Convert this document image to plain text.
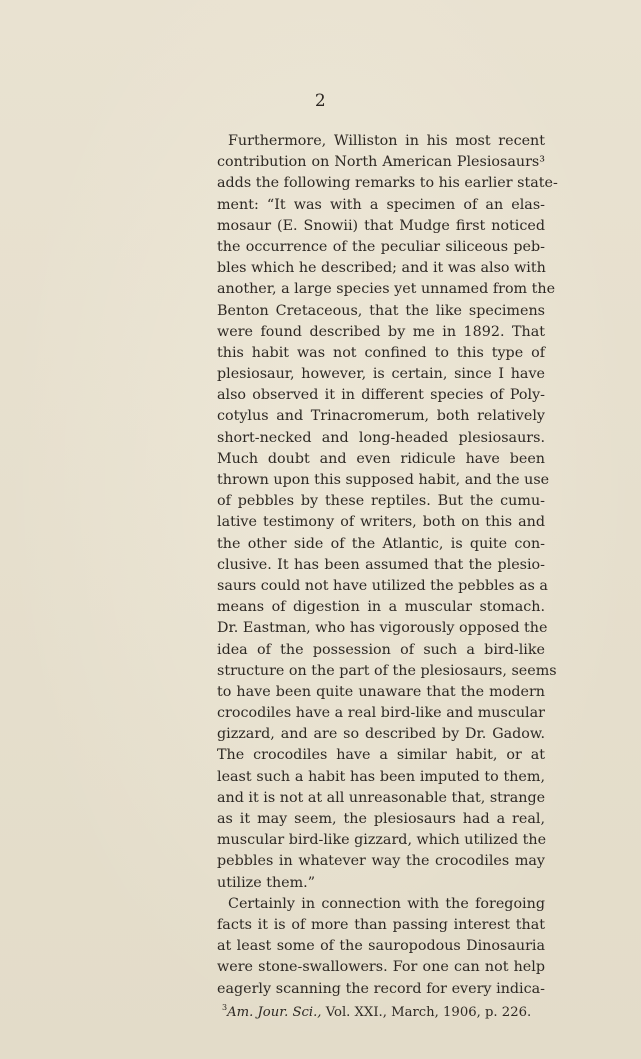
2
Furthermore, Williston in his most recent
contribution on North American Plesiosaurs³
adds the following remarks to his earlier state-
ment: “It was with a specimen of an elas-
mosaur (E. Snowii) that Mudge first noticed
the occurrence of the peculiar siliceous peb-
bles which he described; and it was also with
another, a large species yet unnamed from the
Benton Cretaceous, that the like specimens
were found described by me in 1892. That
this habit was not confined to this type of
plesiosaur, however, is certain, since I have
also observed it in different species of Poly-
cotylus and Trinacromerum, both relatively
short-necked and long-headed plesiosaurs.
Much doubt and even ridicule have been
thrown upon this supposed habit, and the use
of pebbles by these reptiles. But the cumu-
lative testimony of writers, both on this and
the other side of the Atlantic, is quite con-
clusive. It has been assumed that the plesio-
saurs could not have utilized the pebbles as a
means of digestion in a muscular stomach.
Dr. Eastman, who has vigorously opposed the
idea of the possession of such a bird-like
structure on the part of the plesiosaurs, seems
to have been quite unaware that the modern
crocodiles have a real bird-like and muscular
gizzard, and are so described by Dr. Gadow.
The crocodiles have a similar habit, or at
least such a habit has been imputed to them,
and it is not at all unreasonable that, strange
as it may seem, the plesiosaurs had a real,
muscular bird-like gizzard, which utilized the
pebbles in whatever way the crocodiles may
utilize them.”
Certainly in connection with the foregoing
facts it is of more than passing interest that
at least some of the sauropodous Dinosauria
were stone-swallowers. For one can not help
eagerly scanning the record for every indica-
$^3$Am. Jour. Sci., Vol. XXI., March, 1906, p. 226.
